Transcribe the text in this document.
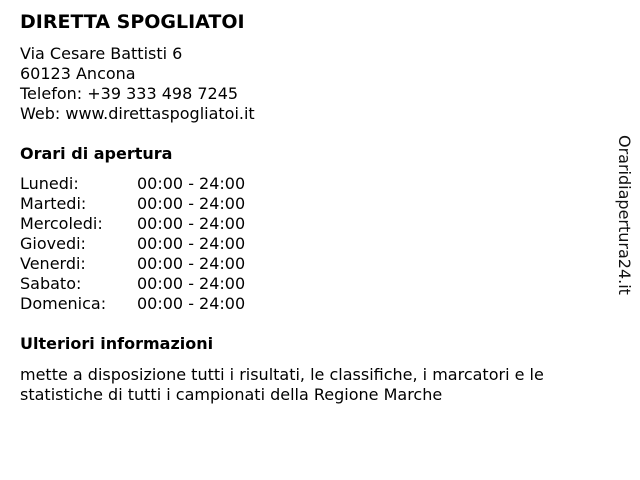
DIRETTA SPOGLIATOI
Via Cesare Battisti 6
60123 Ancona
Telefon: +39 333 498 7245
Web: www.direttaspogliatoi.it
Orari di apertura
Lunedi:	00:00 - 24:00
Martedi:	00:00 - 24:00
Mercoledi:	00:00 - 24:00
Giovedi:	00:00 - 24:00
Venerdi:	00:00 - 24:00
Sabato:	00:00 - 24:00
Domenica:	00:00 - 24:00
Ulteriori informazioni
mette a disposizione tutti i risultati, le classifiche, i marcatori e le statistiche di tutti i campionati della Regione Marche
Oraridiapertura24.it
